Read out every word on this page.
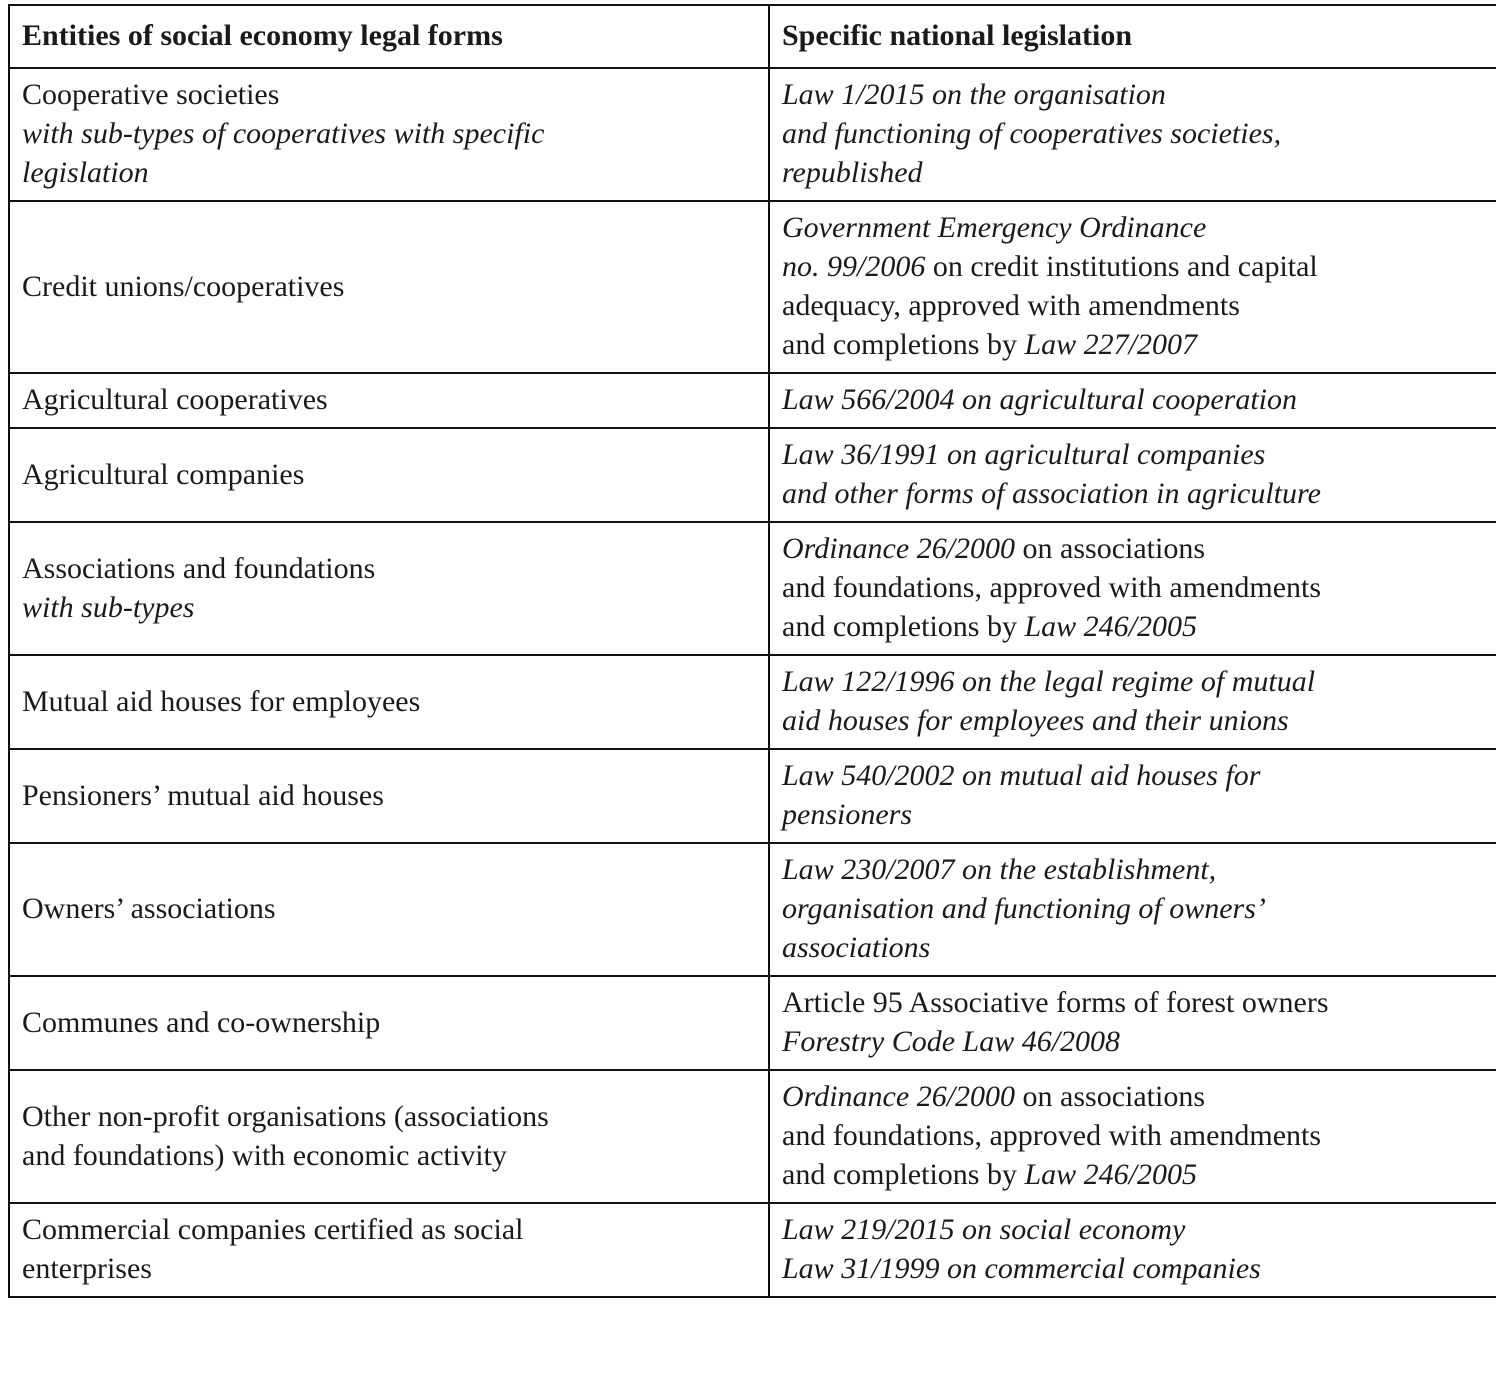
Entities of social economy legal forms	Specific national legislation

Cooperative societies
with sub-types of cooperatives with specific
legislation	Law 1/2015 on the organisation
and functioning of cooperatives societies,
republished

Credit unions/cooperatives	Government Emergency Ordinance
no. 99/2006 on credit institutions and capital
adequacy, approved with amendments
and completions by Law 227/2007

Agricultural cooperatives	Law 566/2004 on agricultural cooperation

Agricultural companies	Law 36/1991 on agricultural companies
and other forms of association in agriculture

Associations and foundations
with sub-types	Ordinance 26/2000 on associations
and foundations, approved with amendments
and completions by Law 246/2005

Mutual aid houses for employees	Law 122/1996 on the legal regime of mutual
aid houses for employees and their unions

Pensioners’ mutual aid houses	Law 540/2002 on mutual aid houses for
pensioners

Owners’ associations	Law 230/2007 on the establishment,
organisation and functioning of owners’
associations

Communes and co-ownership	Article 95 Associative forms of forest owners
Forestry Code Law 46/2008

Other non-profit organisations (associations
and foundations) with economic activity	Ordinance 26/2000 on associations
and foundations, approved with amendments
and completions by Law 246/2005

Commercial companies certified as social
enterprises	Law 219/2015 on social economy
Law 31/1999 on commercial companies
